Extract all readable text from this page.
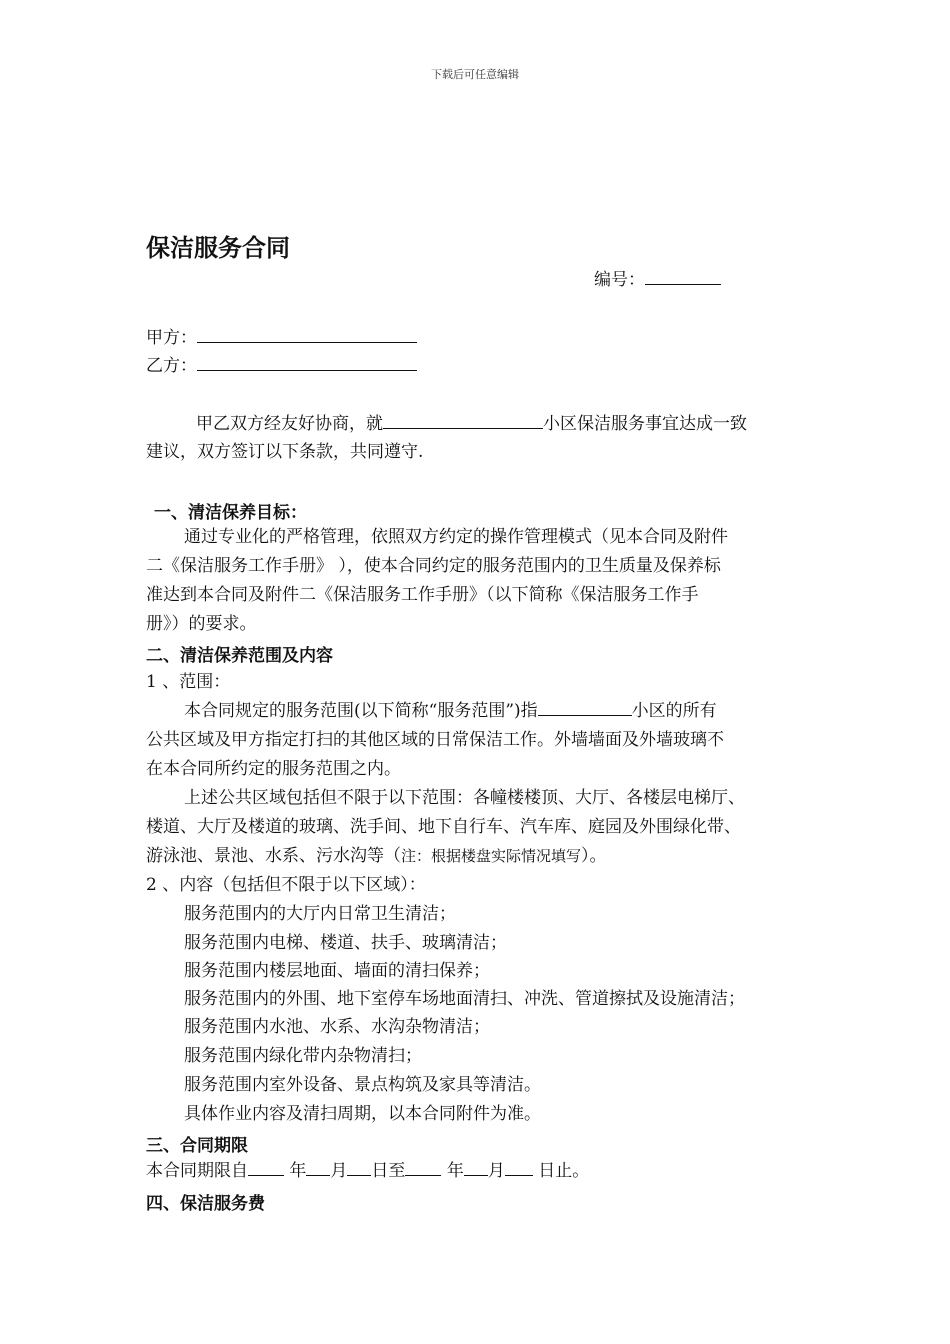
下载后可任意编辑
保洁服务合同
编号：
甲方：
乙方：
甲乙双方经友好协商，就	小区保洁服务事宜达成一致
建议，双方签订以下条款，共同遵守.
一、清洁保养目标：
通过专业化的严格管理，依照双方约定的操作管理模式（见本合同及附件
二《保洁服务工作手册》 ），使本合同约定的服务范围内的卫生质量及保养标
准达到本合同及附件二《保洁服务工作手册》（以下简称《保洁服务工作手
册》）的要求。
二、清洁保养范围及内容
1 、范围：
本合同规定的服务范围(以下简称“服务范围”)指	小区的所有
公共区域及甲方指定打扫的其他区域的日常保洁工作。外墙墙面及外墙玻璃不
在本合同所约定的服务范围之内。
上述公共区域包括但不限于以下范围：各幢楼楼顶、大厅、各楼层电梯厅、
楼道、大厅及楼道的玻璃、洗手间、地下自行车、汽车库、庭园及外围绿化带、
游泳池、景池、水系、污水沟等（注：根据楼盘实际情况填写）。
2 、内容（包括但不限于以下区域）：
服务范围内的大厅内日常卫生清洁；
服务范围内电梯、楼道、扶手、玻璃清洁；
服务范围内楼层地面、墙面的清扫保养；
服务范围内的外围、地下室停车场地面清扫、冲洗、管道擦拭及设施清洁；
服务范围内水池、水系、水沟杂物清洁；
服务范围内绿化带内杂物清扫；
服务范围内室外设备、景点构筑及家具等清洁。
具体作业内容及清扫周期，以本合同附件为准。
三、合同期限
本合同期限自 年 月 日至 年 月 日止。
四、保洁服务费
